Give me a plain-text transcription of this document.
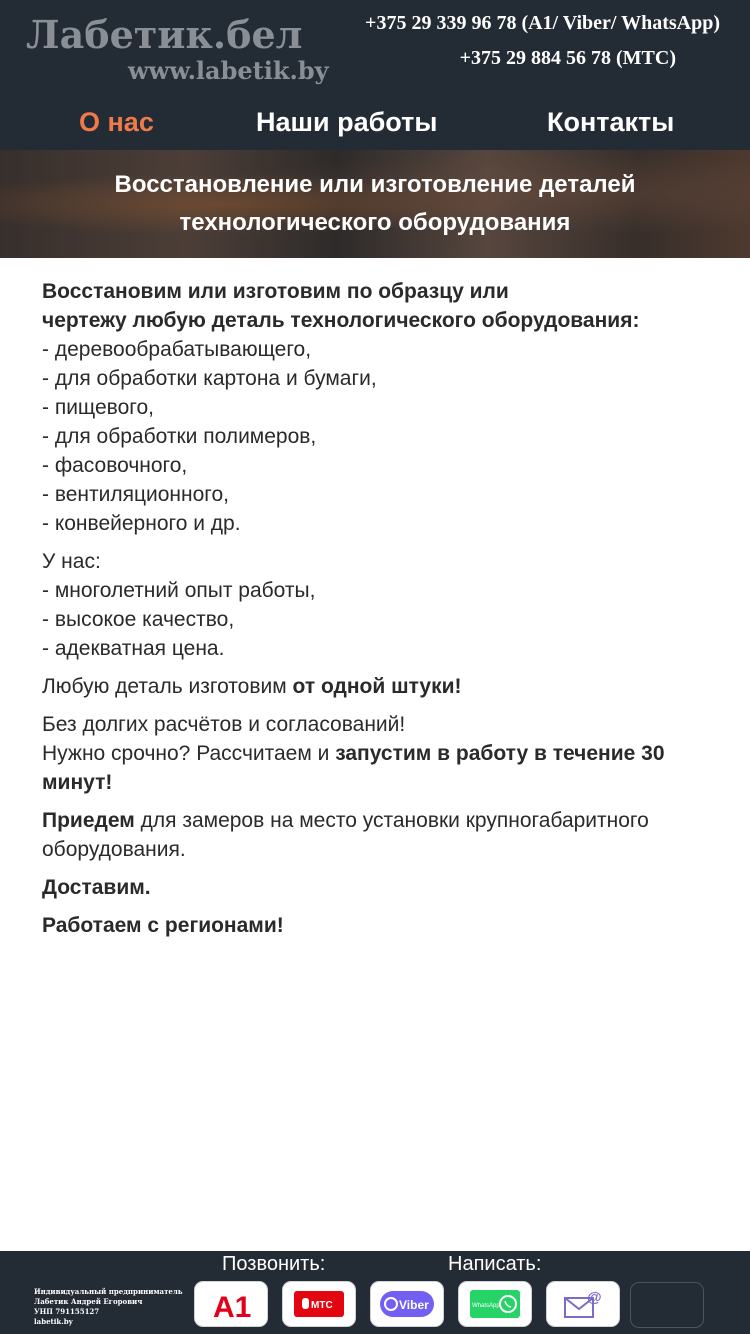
Лабетик.бел
www.labetik.by
+375 29 339 96 78 (A1/ Viber/ WhatsApp)
+375 29 884 56 78 (МТС)
О нас	Наши работы	Контакты
Восстановление или изготовление деталей
технологического оборудования

Восстановим или изготовим по образцу или
чертежу любую деталь технологического оборудования:
- деревообрабатывающего,
- для обработки картона и бумаги,
- пищевого,
- для обработки полимеров,
- фасовочного,
- вентиляционного,
- конвейерного и др.

У нас:
- многолетний опыт работы,
- высокое качество,
- адекватная цена.

Любую деталь изготовим от одной штуки!

Без долгих расчётов и согласований!
Нужно срочно? Рассчитаем и запустим в работу в течение 30 минут!

Приедем для замеров на место установки крупногабаритного оборудования.

Доставим.

Работаем с регионами!

Позвонить:	Написать:
Индивидуальный предприниматель
Лабетик Андрей Егорович
УНП 791155127
labetik.by	A1	МТС	Viber	WhatsApp	@
